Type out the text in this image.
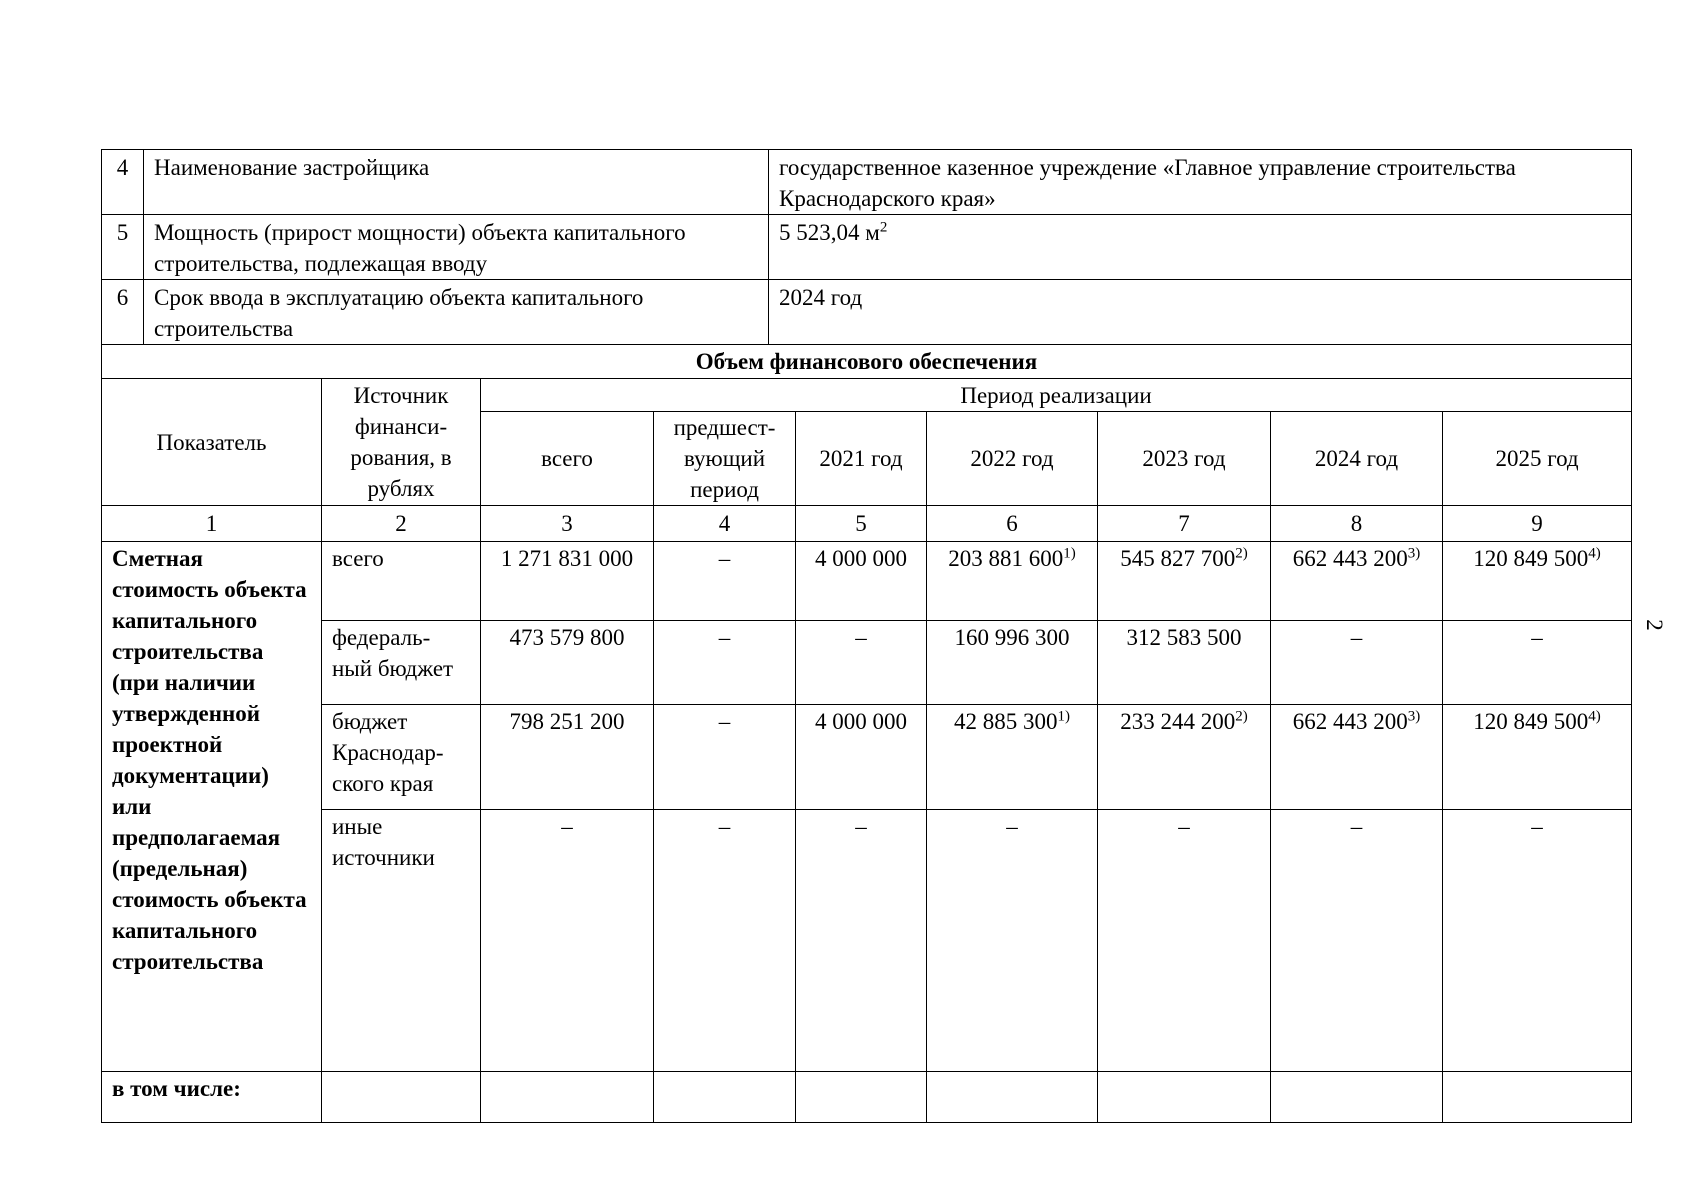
4	Наименование застройщика	государственное казенное учреждение «Главное управление строительства Краснодарского края»
5	Мощность (прирост мощности) объекта капитального строительства, подлежащая вводу	5 523,04 $м^2$
6	Срок ввода в эксплуатацию объекта капитального строительства	2024 год
Объем финансового обеспечения								
Показатель	Источник финанси-рования, в рублях	Период реализации						
		всего	предшест-вующий период	2021 год	2022 год	2023 год	2024 год	2025 год
1	2	3	4	5	6	7	8	9
Сметная стоимость объекта капитального строительства (при наличии утвержденной проектной документации) или предполагаемая (предельная) стоимость объекта капитального строительства	всего	1 271 831 000	–	4 000 000	203 881 600$^{1)}$	545 827 700$^{2)}$	662 443 200$^{3)}$	120 849 500$^{4)}$
	федераль-ный бюджет	473 579 800	–	–	160 996 300	312 583 500	–	–
	бюджет Краснодар-ского края	798 251 200	–	4 000 000	42 885 300$^{1)}$	233 244 200$^{2)}$	662 443 200$^{3)}$	120 849 500$^{4)}$
	иные источники	–	–	–	–	–	–	–
в том числе:								
2
